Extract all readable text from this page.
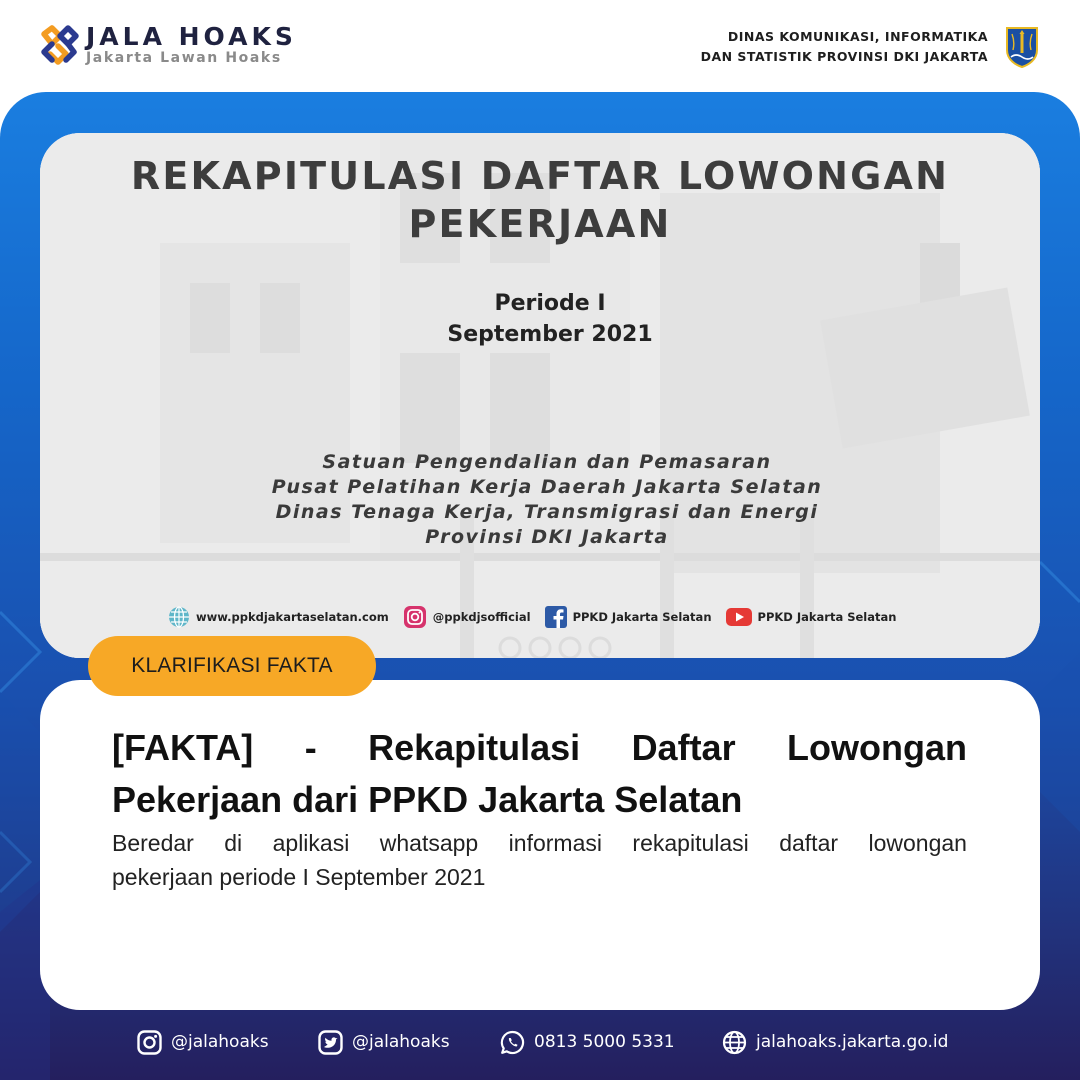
JALA HOAKS
Jakarta Lawan Hoaks
DINAS KOMUNIKASI, INFORMATIKA
DAN STATISTIK PROVINSI DKI JAKARTA
REKAPITULASI DAFTAR LOWONGAN
PEKERJAAN
Periode I
September 2021
Satuan Pengendalian dan Pemasaran
Pusat Pelatihan Kerja Daerah Jakarta Selatan
Dinas Tenaga Kerja, Transmigrasi dan Energi
Provinsi DKI Jakarta
www.ppkdjakartaselatan.com	@ppkdjsofficial	PPKD Jakarta Selatan	PPKD Jakarta Selatan
KLARIFIKASI FAKTA
[FAKTA] - Rekapitulasi Daftar Lowongan
Pekerjaan dari PPKD Jakarta Selatan
Beredar di aplikasi whatsapp informasi rekapitulasi daftar lowongan
pekerjaan periode I September 2021
@jalahoaks	@jalahoaks	0813 5000 5331	jalahoaks.jakarta.go.id
